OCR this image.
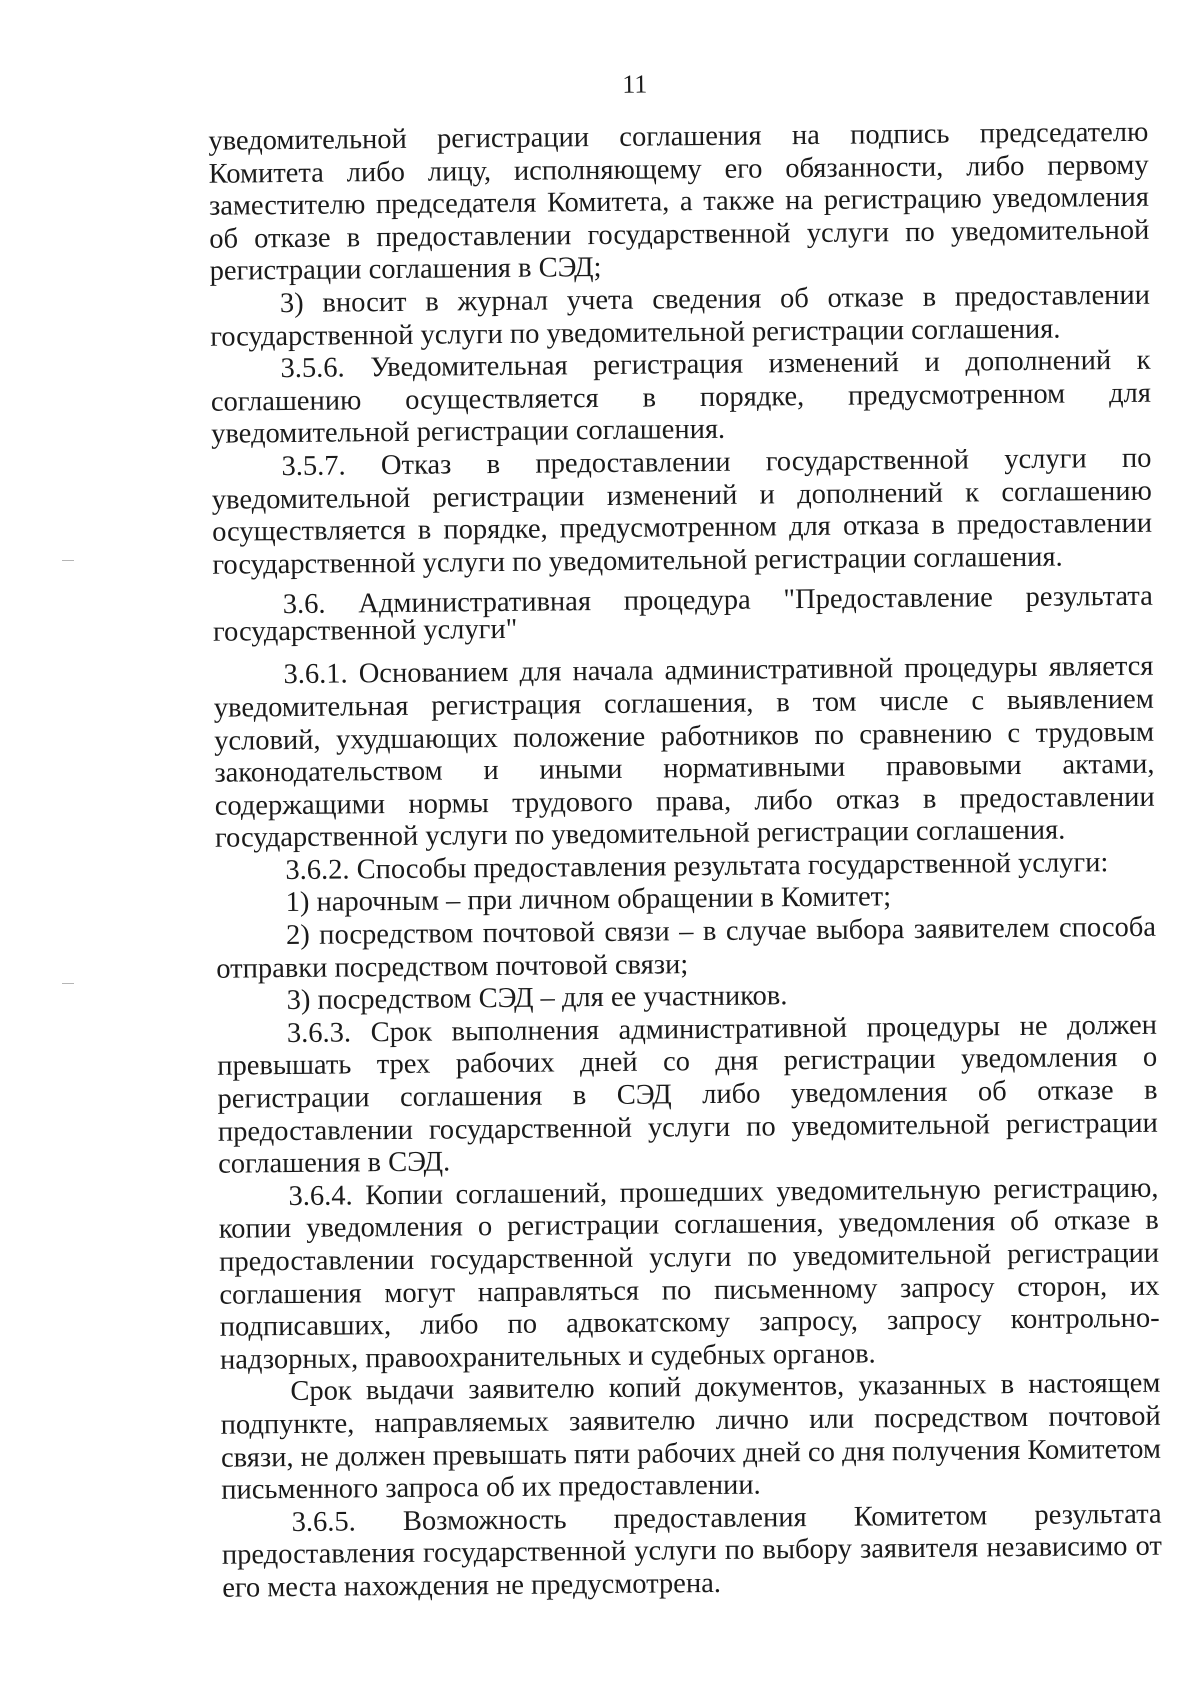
11

уведомительной регистрации соглашения на подпись председателю Комитета либо лицу, исполняющему его обязанности, либо первому заместителю председателя Комитета, а также на регистрацию уведомления об отказе в предоставлении государственной услуги по уведомительной регистрации соглашения в СЭД;

3) вносит в журнал учета сведения об отказе в предоставлении государственной услуги по уведомительной регистрации соглашения.

3.5.6. Уведомительная регистрация изменений и дополнений к соглашению осуществляется в порядке, предусмотренном для уведомительной регистрации соглашения.

3.5.7. Отказ в предоставлении государственной услуги по уведомительной регистрации изменений и дополнений к соглашению осуществляется в порядке, предусмотренном для отказа в предоставлении государственной услуги по уведомительной регистрации соглашения.

3.6. Административная процедура "Предоставление результата государственной услуги"

3.6.1. Основанием для начала административной процедуры является уведомительная регистрация соглашения, в том числе с выявлением условий, ухудшающих положение работников по сравнению с трудовым законодательством и иными нормативными правовыми актами, содержащими нормы трудового права, либо отказ в предоставлении государственной услуги по уведомительной регистрации соглашения.

3.6.2. Способы предоставления результата государственной услуги:

1) нарочным – при личном обращении в Комитет;

2) посредством почтовой связи – в случае выбора заявителем способа отправки посредством почтовой связи;

3) посредством СЭД – для ее участников.

3.6.3. Срок выполнения административной процедуры не должен превышать трех рабочих дней со дня регистрации уведомления о регистрации соглашения в СЭД либо уведомления об отказе в предоставлении государственной услуги по уведомительной регистрации соглашения в СЭД.

3.6.4. Копии соглашений, прошедших уведомительную регистрацию, копии уведомления о регистрации соглашения, уведомления об отказе в предоставлении государственной услуги по уведомительной регистрации соглашения могут направляться по письменному запросу сторон, их подписавших, либо по адвокатскому запросу, запросу контрольно-надзорных, правоохранительных и судебных органов.

Срок выдачи заявителю копий документов, указанных в настоящем подпункте, направляемых заявителю лично или посредством почтовой связи, не должен превышать пяти рабочих дней со дня получения Комитетом письменного запроса об их предоставлении.

3.6.5. Возможность предоставления Комитетом результата предоставления государственной услуги по выбору заявителя независимо от его места нахождения не предусмотрена.
